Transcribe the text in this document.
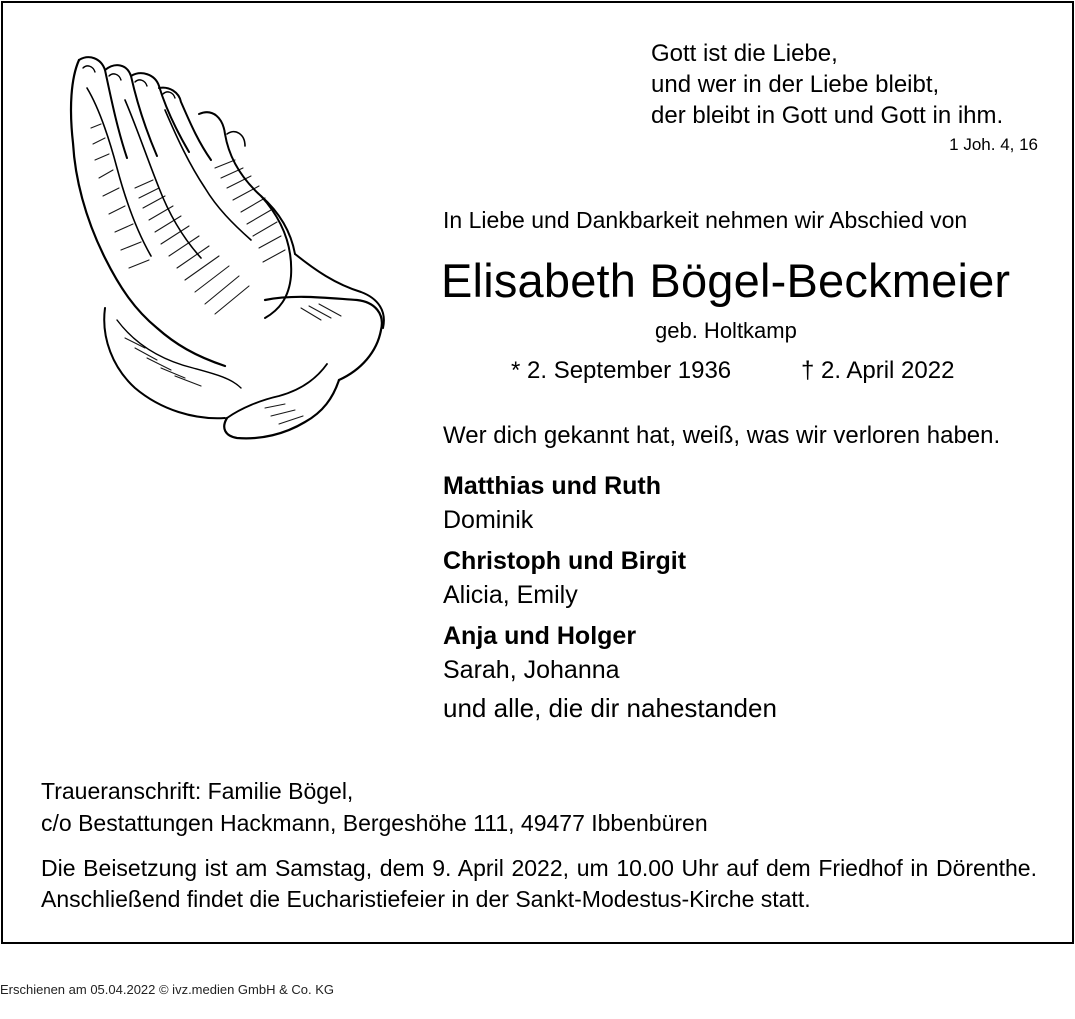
Gott ist die Liebe,
und wer in der Liebe bleibt,
der bleibt in Gott und Gott in ihm.
1 Joh. 4, 16
In Liebe und Dankbarkeit nehmen wir Abschied von
Elisabeth Bögel-Beckmeier
geb. Holtkamp
* 2. September 1936	† 2. April 2022
Wer dich gekannt hat, weiß, was wir verloren haben.
Matthias und Ruth
Dominik
Christoph und Birgit
Alicia, Emily
Anja und Holger
Sarah, Johanna
und alle, die dir nahestanden
Traueranschrift: Familie Bögel,
c/o Bestattungen Hackmann, Bergeshöhe 111, 49477 Ibbenbüren
Die Beisetzung ist am Samstag, dem 9. April 2022, um 10.00 Uhr auf dem Friedhof in Dörenthe. Anschließend findet die Eucharistiefeier in der Sankt-Modestus-Kirche statt.
Erschienen am 05.04.2022 © ivz.medien GmbH & Co. KG
